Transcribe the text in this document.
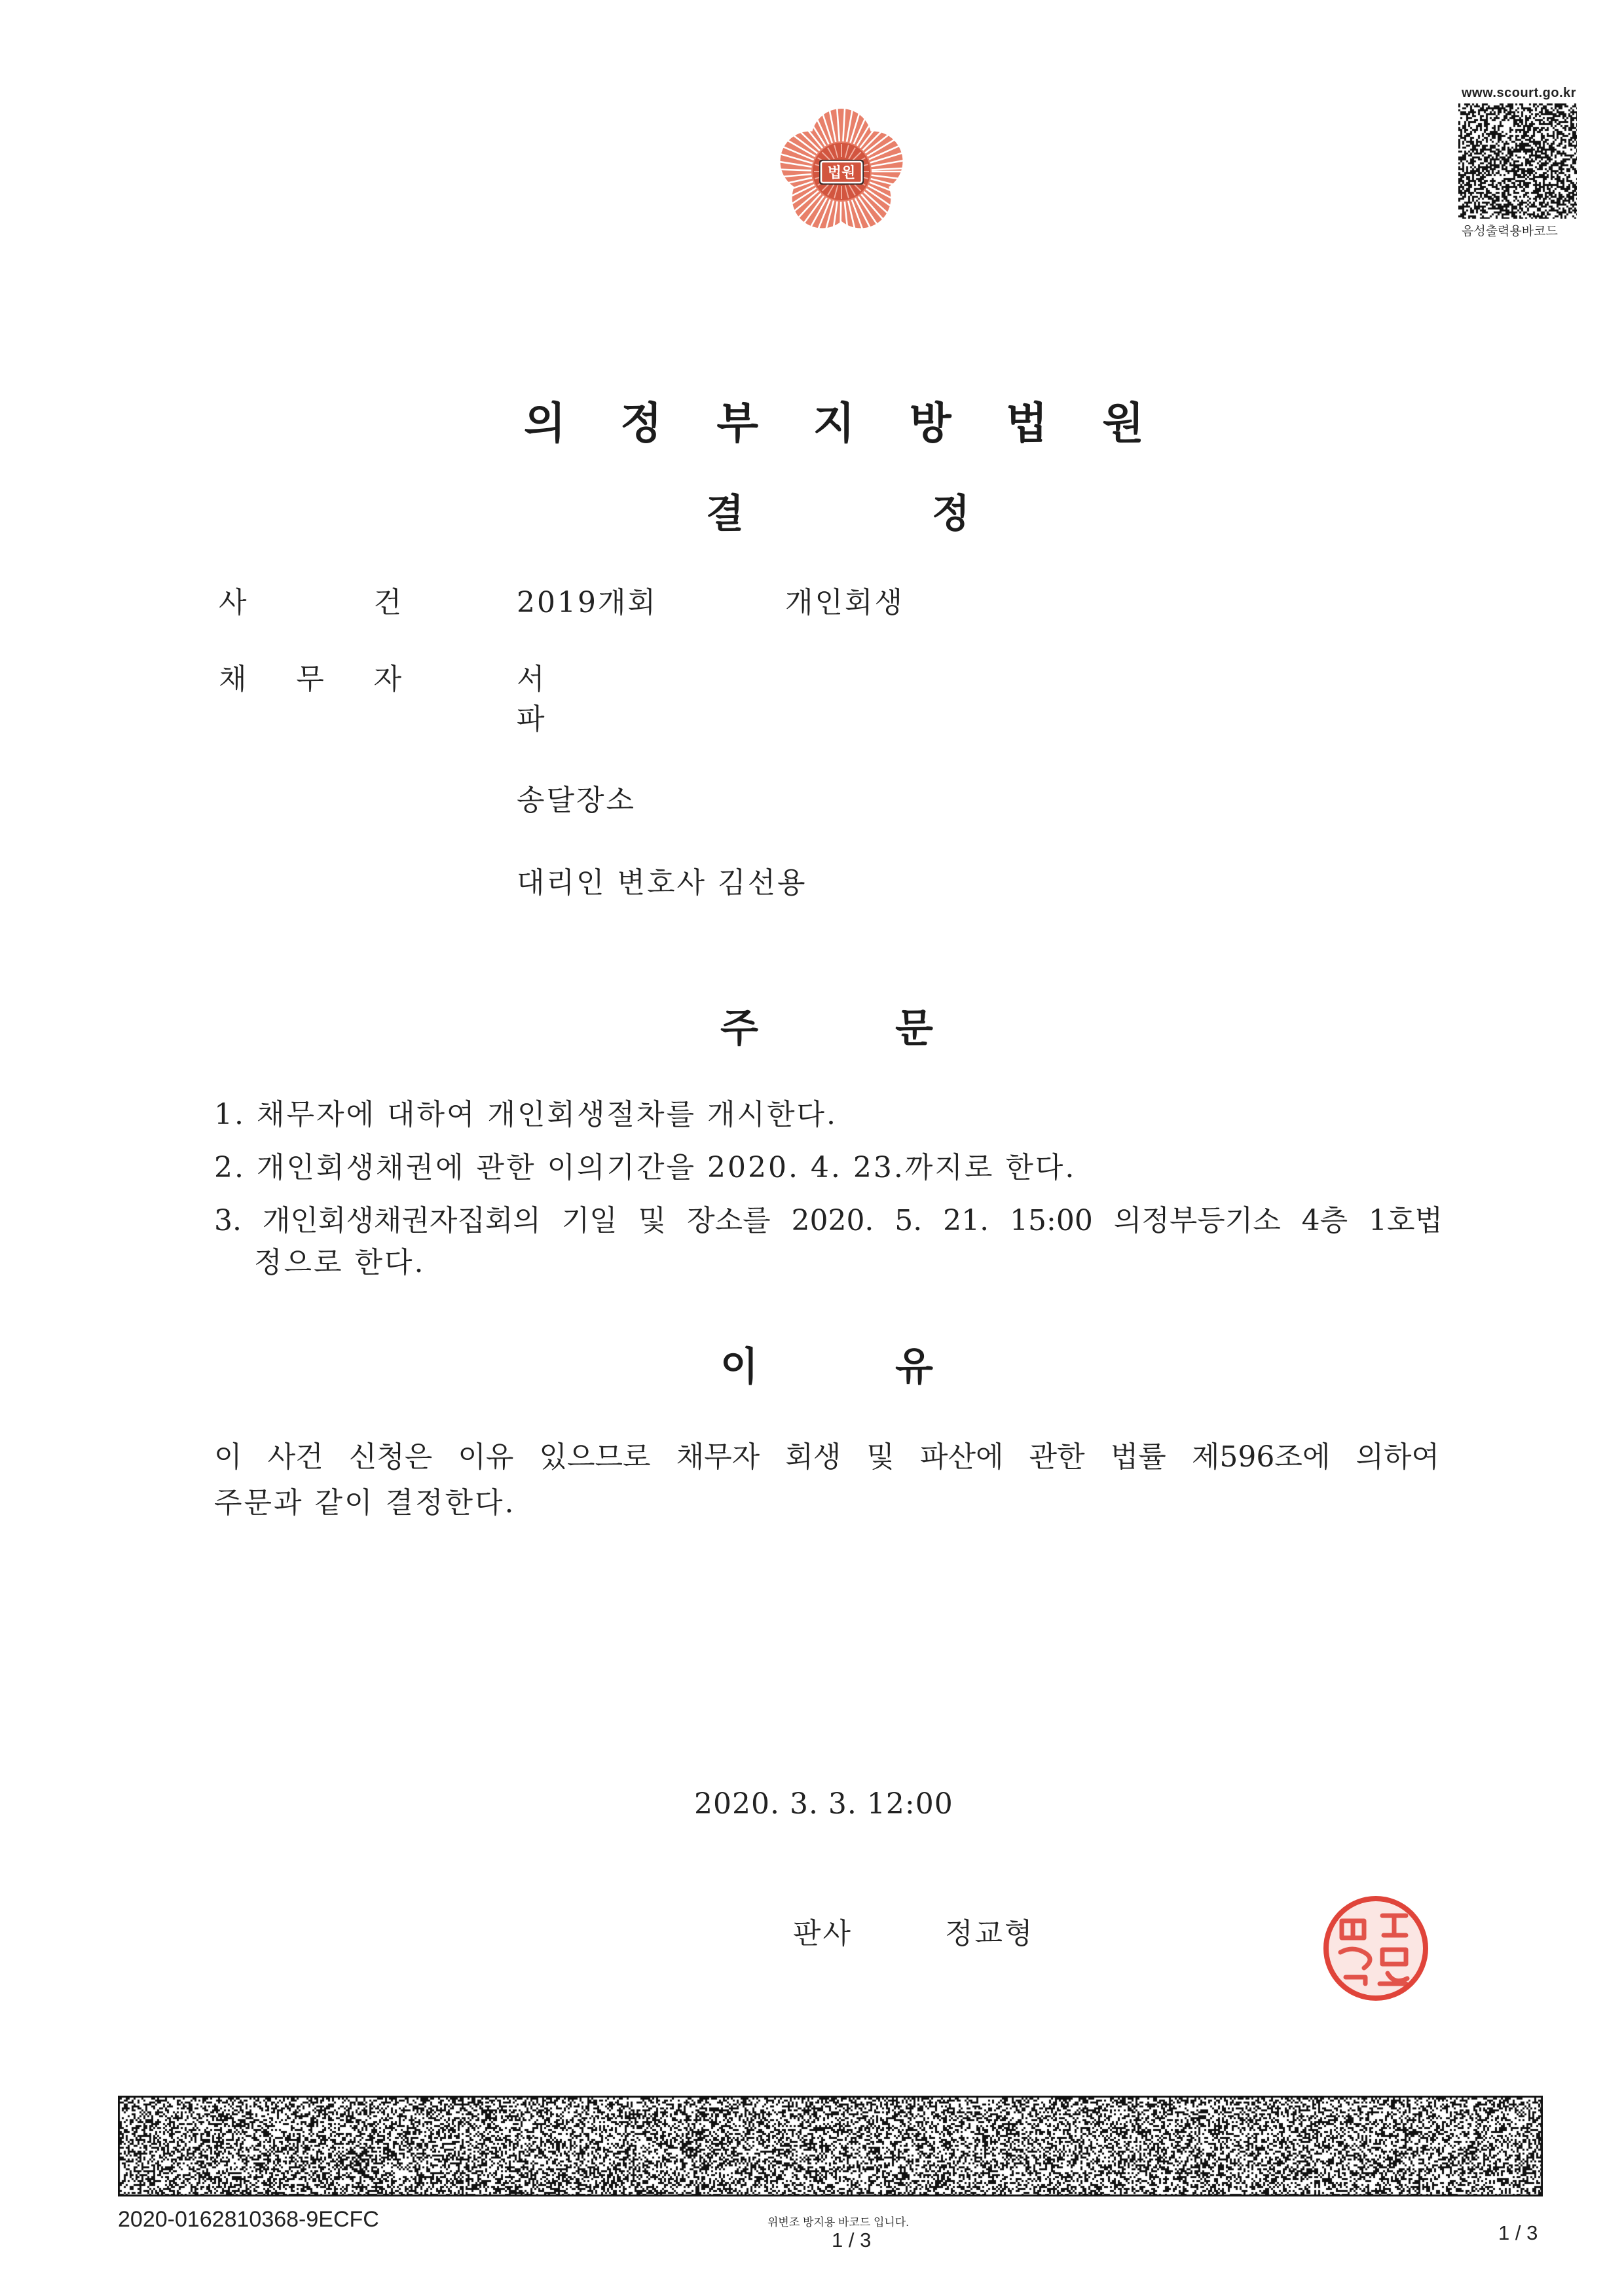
법원
www.scourt.go.kr
음성출력용바코드
의 정 부 지 방 법 원
결 정
사 건	2019개회	개인회생
채 무 자	서
파
송달장소
대리인 변호사 김선용
주 문
1. 채무자에 대하여 개인회생절차를 개시한다.
2. 개인회생채권에 관한 이의기간을 2020. 4. 23.까지로 한다.
3. 개인회생채권자집회의 기일 및 장소를 2020. 5. 21. 15:00 의정부등기소 4층 1호법
정으로 한다.
이 유
이 사건 신청은 이유 있으므로 채무자 회생 및 파산에 관한 법률 제596조에 의하여
주문과 같이 결정한다.
2020. 3. 3. 12:00
판사	정교형
2020-0162810368-9ECFC	위변조 방지용 바코드 입니다.
1 / 3	1 / 3
